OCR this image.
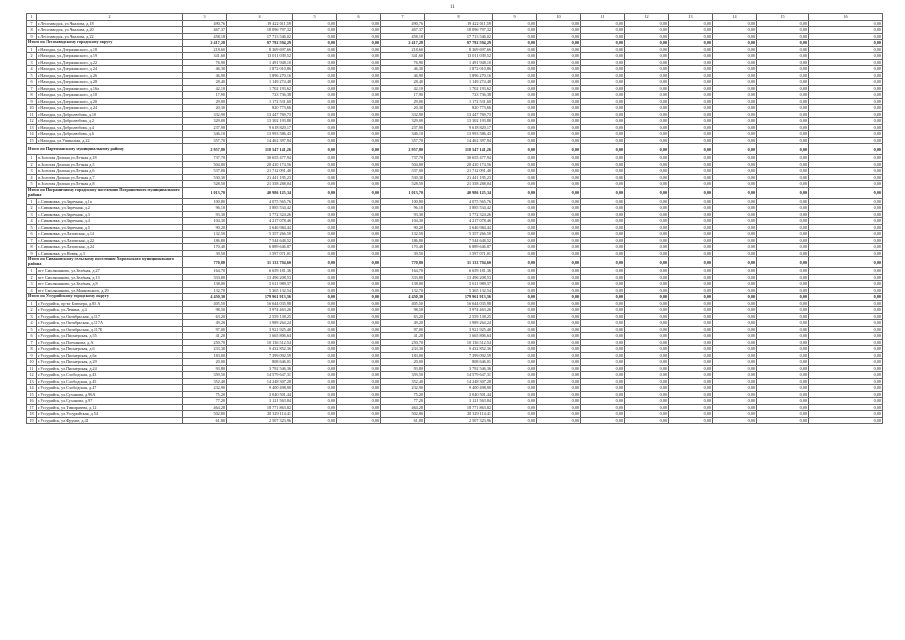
11
1	2	3	4	5	6	7	8	9	10	11	12	13	14	15	16
7	г.Лесозаводск, ул.Чкалова, д.18	490,76	19 422 011,59	0,00	0,00	490,76	19 422 011,59	0,00	0,00	0,00	0,00	0,00	0,00	0,00	0,00
8	г.Лесозаводск, ул.Чкалова, д.20	467,37	18 096 797,32	0,00	0,00	467,37	18 096 797,32	0,00	0,00	0,00	0,00	0,00	0,00	0,00	0,00
9	г.Лесозаводск, ул.Чкалова, д.22	458,18	17 713 546,02	0,00	0,00	458,18	17 713 546,02	0,00	0,00	0,00	0,00	0,00	0,00	0,00	0,00
Итого по Лесозаводскому городскому округу		2 417,28	97 792 594,29	0,00	0,00	2 417,28	97 792 594,29	0,00	0,00	0,00	0,00	0,00	0,00	0,00	0,00
1	г.Находка, ул.Дзержинского, д.18	218,60	8 369 697,66	0,00	0,00	218,60	8 369 697,66	0,00	0,00	0,00	0,00	0,00	0,00	0,00	0,00
2	г.Находка, ул.Дзержинского, д.19	341,60	13 011 039,52	0,00	0,00	341,60	13 011 039,52	0,00	0,00	0,00	0,00	0,00	0,00	0,00	0,00
3	г.Находка, ул.Дзержинского, д.22	76,90	1 491 948,10	0,00	0,00	76,90	1 491 948,10	0,00	0,00	0,00	0,00	0,00	0,00	0,00	0,00
4	г.Находка, ул.Дзержинского, д.24	46,30	1 872 010,86	0,00	0,00	46,30	1 872 010,86	0,00	0,00	0,00	0,00	0,00	0,00	0,00	0,00
5	г.Находка, ул.Дзержинского, д.26	46,90	1 896 270,16	0,00	0,00	46,90	1 896 270,16	0,00	0,00	0,00	0,00	0,00	0,00	0,00	0,00
6	г.Находка, ул.Дзержинского, д.28	28,40	1 149 274,48	0,00	0,00	28,40	1 149 274,48	0,00	0,00	0,00	0,00	0,00	0,00	0,00	0,00
7	г.Находка, ул.Дзержинского, д.16а	42,10	1 702 193,62	0,00	0,00	42,10	1 702 193,62	0,00	0,00	0,00	0,00	0,00	0,00	0,00	0,00
8	г.Находка, ул.Дзержинского, д.18	17,90	723 736,38	0,00	0,00	17,90	723 736,38	0,00	0,00	0,00	0,00	0,00	0,00	0,00	0,00
9	г.Находка, ул.Дзержинского, д.20	29,00	1 172 531,60	0,00	0,00	29,00	1 172 531,60	0,00	0,00	0,00	0,00	0,00	0,00	0,00	0,00
10	г.Находка, ул.Дзержинского, д.24	20,30	820 773,66	0,00	0,00	20,30	820 773,66	0,00	0,00	0,00	0,00	0,00	0,00	0,00	0,00
11	г.Находка, ул.Добролюбова, д.10	332,90	13 447 769,73	0,00	0,00	332,90	13 447 769,73	0,00	0,00	0,00	0,00	0,00	0,00	0,00	0,00
12	г.Находка, ул.Добролюбова, д.2	329,00	13 302 193,80	0,00	0,00	329,00	13 302 193,80	0,00	0,00	0,00	0,00	0,00	0,00	0,00	0,00
13	г.Находка, ул.Добролюбова, д.4	237,90	9 618 820,17	0,00	0,00	237,90	9 618 820,17	0,00	0,00	0,00	0,00	0,00	0,00	0,00	0,00
14	г.Находка, ул.Добролюбова, д.6	346,10	13 993 586,43	0,00	0,00	346,10	13 993 586,43	0,00	0,00	0,00	0,00	0,00	0,00	0,00	0,00
15	г.Находка, ул.Ушинская, д.22	357,70	14 462 397,94	0,00	0,00	357,70	14 462 397,94	0,00	0,00	0,00	0,00	0,00	0,00	0,00	0,00
Итого по Партизанскому муниципальному району		2 957,80	118 547 141,26	0,00	0,00	2 957,80	118 547 141,26	0,00	0,00	0,00	0,00	0,00	0,00	0,00	0,00
1	п.Золотая Долина ул.Летная д.18	737,70	30 655 477,94	0,00	0,00	737,70	30 655 477,94	0,00	0,00	0,00	0,00	0,00	0,00	0,00	0,00
2	п.Золотая Долина ул.Летная д.5	504,80	20 410 174,56	0,00	0,00	504,80	20 410 174,56	0,00	0,00	0,00	0,00	0,00	0,00	0,00	0,00
3	п.Золотая Долина ул.Летная д.6	537,00	21 712 091,40	0,00	0,00	537,00	21 712 091,40	0,00	0,00	0,00	0,00	0,00	0,00	0,00	0,00
4	п.Золотая Долина ул.Летная д.7	530,30	21 441 195,23	0,00	0,00	530,30	21 441 195,23	0,00	0,00	0,00	0,00	0,00	0,00	0,00	0,00
5	п.Золотая Долина ул.Летная д.8	528,50	21 358 288,04	0,00	0,00	528,50	21 358 288,04	0,00	0,00	0,00	0,00	0,00	0,00	0,00	0,00
Итого по Пограничному городскому поселению Пограничного муниципального района		1 013,70	40 986 125,34	0,00	0,00	1 013,70	40 986 125,34	0,00	0,00	0,00	0,00	0,00	0,00	0,00	0,00
1	с.Сиваковка, ул.Заречная, д.1а	100,80	4 075 565,76	0,00	0,00	100,80	4 075 565,76	0,00	0,00	0,00	0,00	0,00	0,00	0,00	0,00
2	с.Сиваковка, ул.Заречная, д.2	96,10	3 885 534,42	0,00	0,00	96,10	3 885 534,42	0,00	0,00	0,00	0,00	0,00	0,00	0,00	0,00
3	с.Сиваковка, ул.Заречная, д.3	93,30	3 772 324,26	0,00	0,00	93,30	3 772 324,26	0,00	0,00	0,00	0,00	0,00	0,00	0,00	0,00
4	с.Сиваковка, ул.Заречная, д.4	104,30	4 217 078,46	0,00	0,00	104,30	4 217 078,46	0,00	0,00	0,00	0,00	0,00	0,00	0,00	0,00
5	с.Сиваковка, ул.Заречная, д.5	90,20	3 646 984,44	0,00	0,00	90,20	3 646 984,44	0,00	0,00	0,00	0,00	0,00	0,00	0,00	0,00
6	с.Сиваковка, ул.Лазовская, д.14	132,50	5 357 266,50	0,00	0,00	132,50	5 357 266,50	0,00	0,00	0,00	0,00	0,00	0,00	0,00	0,00
7	с.Сиваковка, ул.Лазовская, д.22	186,80	7 544 648,52	0,00	0,00	186,80	7 544 648,52	0,00	0,00	0,00	0,00	0,00	0,00	0,00	0,00
8	с.Сиваковка, ул.Лазовская, д.24	170,40	6 889 646,87	0,00	0,00	170,40	6 889 646,87	0,00	0,00	0,00	0,00	0,00	0,00	0,00	0,00
9	с.Сиваковка, ул.Новая, д.3	39,50	1 597 071,01	0,00	0,00	39,50	1 597 071,01	0,00	0,00	0,00	0,00	0,00	0,00	0,00	0,00
Итого по Сиваковскому сельскому поселению Хорольского муниципального района		770,80	31 133 794,60	0,00	0,00	770,80	31 133 794,60	0,00	0,00	0,00	0,00	0,00	0,00	0,00	0,00
1	пгт Смоляниново, ул.Зелёная, д.27	164,70	6 659 181,36	0,00	0,00	164,70	6 659 181,36	0,00	0,00	0,00	0,00	0,00	0,00	0,00	0,00
2	пгт Смоляниново, ул.Зелёная, д.13	333,80	13 496 208,53	0,00	0,00	333,80	13 496 208,53	0,00	0,00	0,00	0,00	0,00	0,00	0,00	0,00
3	пгт Смоляниново, ул.Зелёная, д.8	138,00	5 611 989,37	0,00	0,00	138,00	5 611 989,37	0,00	0,00	0,00	0,00	0,00	0,00	0,00	0,00
4	пгт Смоляниново, ул.Маяковского, д.29	132,70	5 365 132,54	0,00	0,00	132,70	5 365 132,54	0,00	0,00	0,00	0,00	0,00	0,00	0,00	0,00
Итого по Уссурийскому городскому округу		4 450,30	179 961 913,56	0,00	0,00	4 450,30	179 961 913,56	0,00	0,00	0,00	0,00	0,00	0,00	0,00	0,00
1	г.Уссурийск, пр-кт Блюхера, д.85 А	405,50	16 644 035,98	0,00	0,00	405,50	16 644 035,98	0,00	0,00	0,00	0,00	0,00	0,00	0,00	0,00
2	г.Уссурийск, ул.Ленина, д.4	98,50	3 974 463,26	0,00	0,00	98,50	3 974 463,26	0,00	0,00	0,00	0,00	0,00	0,00	0,00	0,00
3	г.Уссурийск, ул.Октябрьская, д.117	63,20	2 559 138,25	0,00	0,00	63,20	2 559 138,25	0,00	0,00	0,00	0,00	0,00	0,00	0,00	0,00
4	г.Уссурийск, ул.Октябрьская, д.117А	49,20	1 989 264,24	0,00	0,00	49,20	1 989 264,24	0,00	0,00	0,00	0,00	0,00	0,00	0,00	0,00
5	г.Уссурийск, ул.Октябрьская, д.117Б	97,00	3 921 925,40	0,00	0,00	97,00	3 921 925,40	0,00	0,00	0,00	0,00	0,00	0,00	0,00	0,00
6	г.Уссурийск, ул.Пионерская, д.55	41,20	1 665 806,64	0,00	0,00	41,20	1 665 806,64	0,00	0,00	0,00	0,00	0,00	0,00	0,00	0,00
7	г.Уссурийск, ул.Плеханова, д.А	250,70	10 136 512,54	0,00	0,00	250,70	10 136 512,54	0,00	0,00	0,00	0,00	0,00	0,00	0,00	0,00
8	г.Уссурийск, ул.Пионерская, д.6	233,30	9 432 852,36	0,00	0,00	233,30	9 432 852,36	0,00	0,00	0,00	0,00	0,00	0,00	0,00	0,00
9	г.Уссурийск, ул.Пионерская, д.6а	183,00	7 399 092,59	0,00	0,00	183,00	7 399 092,59	0,00	0,00	0,00	0,00	0,00	0,00	0,00	0,00
10	г.Уссурийск, ул.Пионерская, д.29	20,00	808 646,01	0,00	0,00	20,00	808 646,01	0,00	0,00	0,00	0,00	0,00	0,00	0,00	0,00
11	г.Уссурийск, ул.Пионерская, д.24	93,80	3 792 546,36	0,00	0,00	93,80	3 792 546,36	0,00	0,00	0,00	0,00	0,00	0,00	0,00	0,00
12	г.Уссурийск, ул.Слободская, д.43	359,50	14 579 647,31	0,00	0,00	359,50	14 579 647,31	0,00	0,00	0,00	0,00	0,00	0,00	0,00	0,00
13	г.Уссурийск, ул.Слободская, д.45	352,40	14 248 307,28	0,00	0,00	352,40	14 248 307,28	0,00	0,00	0,00	0,00	0,00	0,00	0,00	0,00
14	г.Уссурийск, ул.Слободская, д.47	232,90	9 400 498,90	0,00	0,00	232,90	9 400 498,90	0,00	0,00	0,00	0,00	0,00	0,00	0,00	0,00
15	г.Уссурийск, ул.Суханова, д.96А	75,20	3 040 501,44	0,00	0,00	75,20	3 040 501,44	0,00	0,00	0,00	0,00	0,00	0,00	0,00	0,00
16	г.Уссурийск, ул.Суханова, д.97	77,20	3 121 563,84	0,00	0,00	77,20	3 121 563,84	0,00	0,00	0,00	0,00	0,00	0,00	0,00	0,00
17	г.Уссурийск, ул.Тимирязева, д.12	464,28	18 771 863,82	0,00	0,00	464,28	18 771 863,82	0,00	0,00	0,00	0,00	0,00	0,00	0,00	0,00
18	г.Уссурийск, ул.Уссурийская, д.54	502,80	20 329 114,41	0,00	0,00	502,80	20 329 114,41	0,00	0,00	0,00	0,00	0,00	0,00	0,00	0,00
19	г.Уссурийск, ул.Фрунзе, д.41	61,80	2 507 323,96	0,00	0,00	61,80	2 507 323,96	0,00	0,00	0,00	0,00	0,00	0,00	0,00	0,00
